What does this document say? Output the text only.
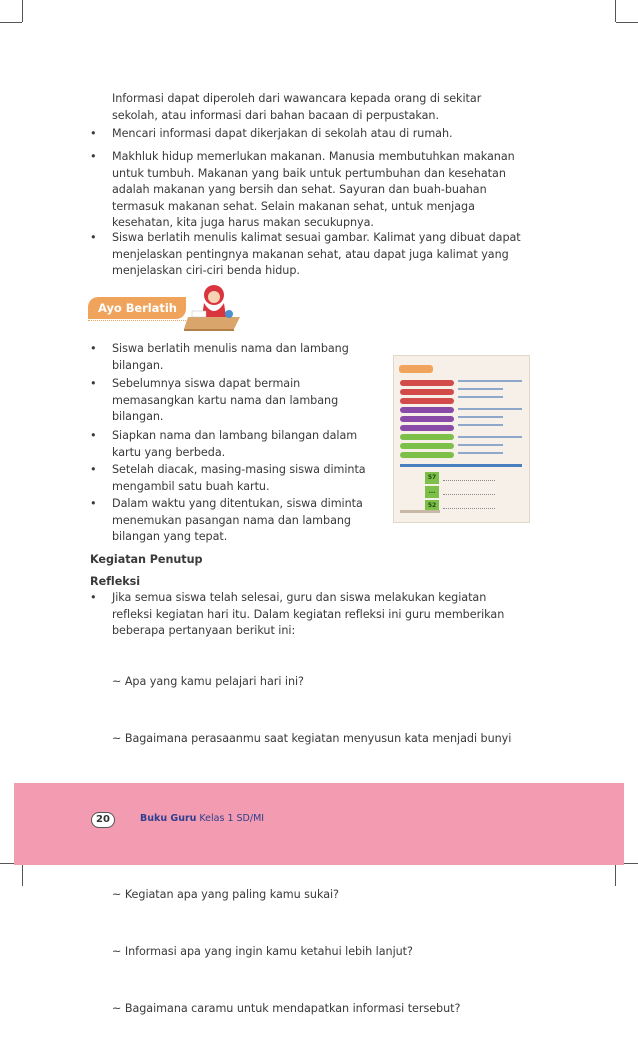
Informasi dapat diperoleh dari wawancara kepada orang di sekitar
sekolah, atau informasi dari bahan bacaan di perpustakan.
•	Mencari informasi dapat dikerjakan di sekolah atau di rumah.
•	Makhluk hidup memerlukan makanan. Manusia membutuhkan makanan
untuk tumbuh. Makanan yang baik untuk pertumbuhan dan kesehatan
adalah makanan yang bersih dan sehat. Sayuran dan buah-buahan
termasuk makanan sehat. Selain makanan sehat, untuk menjaga
kesehatan, kita juga harus makan secukupnya.
•	Siswa berlatih menulis kalimat sesuai gambar. Kalimat yang dibuat dapat
menjelaskan pentingnya makanan sehat, atau dapat juga kalimat yang
menjelaskan ciri-ciri benda hidup.
Ayo Berlatih
•	Siswa berlatih menulis nama dan lambang
bilangan.
•	Sebelumnya siswa dapat bermain
memasangkan kartu nama dan lambang
bilangan.
•	Siapkan nama dan lambang bilangan dalam
kartu yang berbeda.
•	Setelah diacak, masing-masing siswa diminta
mengambil satu buah kartu.
•	Dalam waktu yang ditentukan, siswa diminta
menemukan pasangan nama dan lambang
bilangan yang tepat.
57
...
52
Kegiatan Penutup
Refleksi
•	Jika semua siswa telah selesai, guru dan siswa melakukan kegiatan
refleksi kegiatan hari itu. Dalam kegiatan refleksi ini guru memberikan
beberapa pertanyaan berikut ini:

~ Apa yang kamu pelajari hari ini?

~ Bagaimana perasaanmu saat kegiatan menyusun kata menjadi bunyi

~ Kegiatan apa yang paling kamu sukai?

~ Informasi apa yang ingin kamu ketahui lebih lanjut?

~ Bagaimana caramu untuk mendapatkan informasi tersebut?

20	Buku Guru Kelas 1 SD/MI
